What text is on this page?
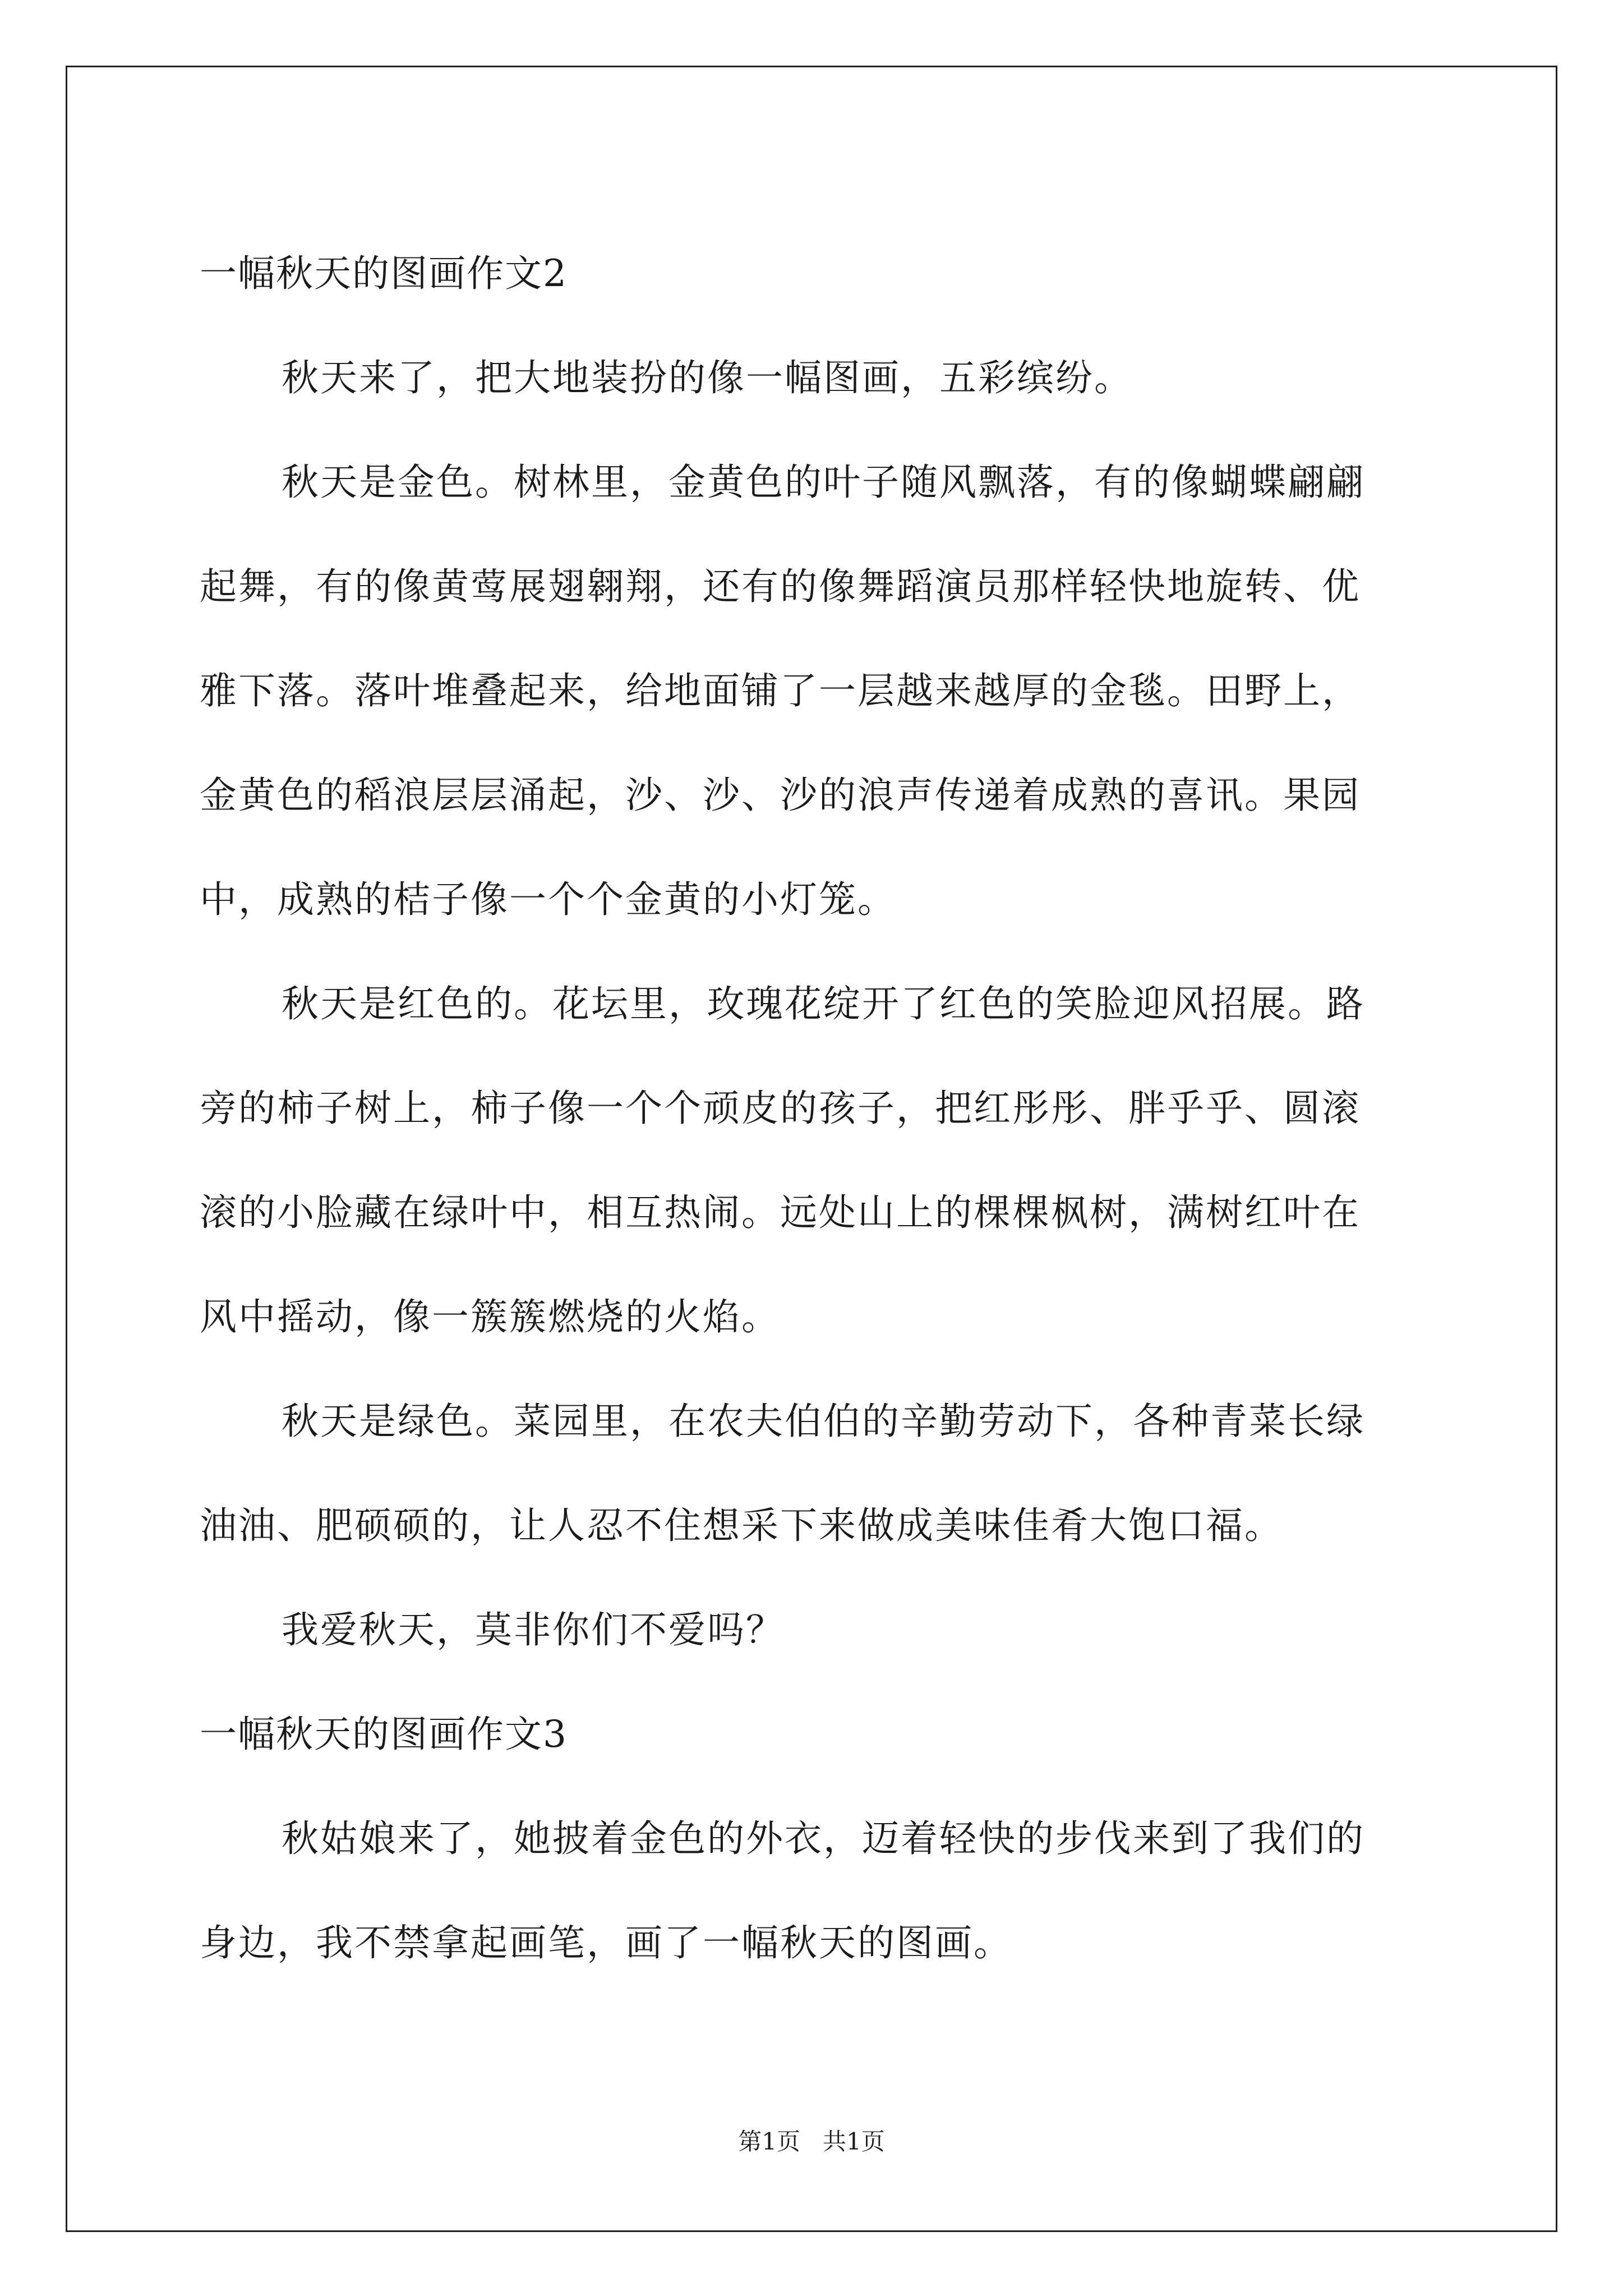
一幅秋天的图画作文2
秋天来了，把大地装扮的像一幅图画，五彩缤纷。
秋天是金色。树林里，金黄色的叶子随风飘落，有的像蝴蝶翩翩
起舞，有的像黄莺展翅翱翔，还有的像舞蹈演员那样轻快地旋转、优
雅下落。落叶堆叠起来，给地面铺了一层越来越厚的金毯。田野上，
金黄色的稻浪层层涌起，沙、沙、沙的浪声传递着成熟的喜讯。果园
中，成熟的桔子像一个个金黄的小灯笼。
秋天是红色的。花坛里，玫瑰花绽开了红色的笑脸迎风招展。路
旁的柿子树上，柿子像一个个顽皮的孩子，把红彤彤、胖乎乎、圆滚
滚的小脸藏在绿叶中，相互热闹。远处山上的棵棵枫树，满树红叶在
风中摇动，像一簇簇燃烧的火焰。
秋天是绿色。菜园里，在农夫伯伯的辛勤劳动下，各种青菜长绿
油油、肥硕硕的，让人忍不住想采下来做成美味佳肴大饱口福。
我爱秋天，莫非你们不爱吗？
一幅秋天的图画作文3
秋姑娘来了，她披着金色的外衣，迈着轻快的步伐来到了我们的
身边，我不禁拿起画笔，画了一幅秋天的图画。
第1页   共1页
